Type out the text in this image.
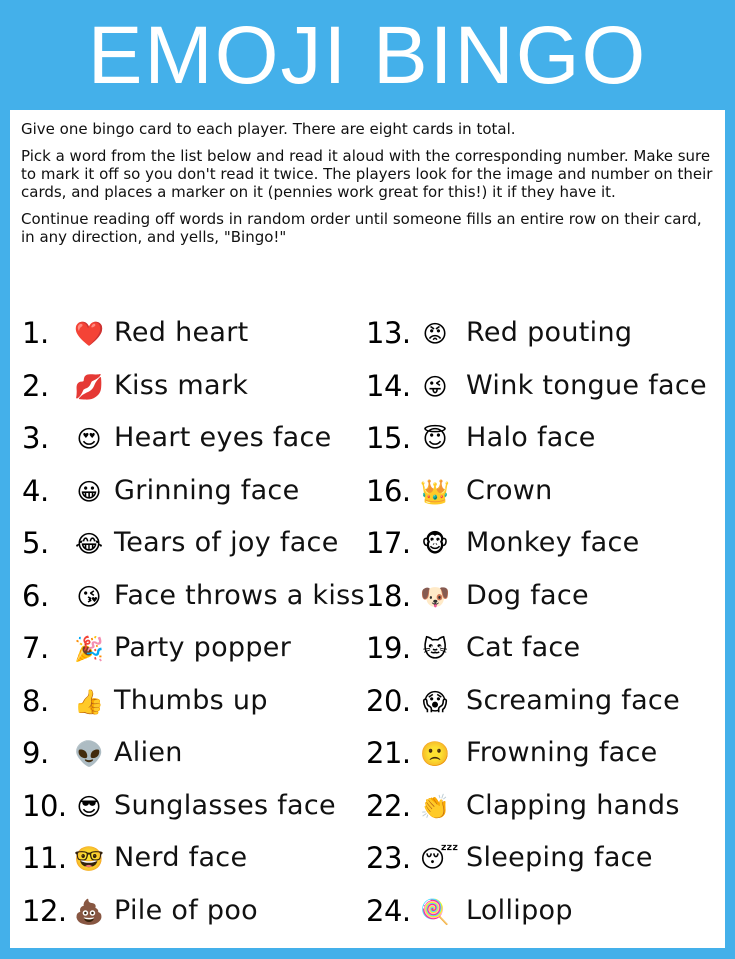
EMOJI BINGO

Give one bingo card to each player. There are eight cards in total.

Pick a word from the list below and read it aloud with the corresponding number. Make sure to mark it off so you don't read it twice. The players look for the image and number on their cards, and places a marker on it (pennies work great for this!) it if they have it.

Continue reading off words in random order until someone fills an entire row on their card, in any direction, and yells, "Bingo!"

1.	❤️ Red heart
2.	💋 Kiss mark
3.	😍 Heart eyes face
4.	😀 Grinning face
5.	😂 Tears of joy face
6.	😘 Face throws a kiss
7.	🎉 Party popper
8.	👍 Thumbs up
9.	👽 Alien
10. 😎 Sunglasses face
11. 🤓 Nerd face
12. 💩 Pile of poo
13. 😡 Red pouting
14. 😜 Wink tongue face
15. 😇 Halo face
16. 👑 Crown
17. 🐵 Monkey face
18. 🐶 Dog face
19. 🐱 Cat face
20. 😱 Screaming face
21. 🙁 Frowning face
22. 👏 Clapping hands
23. 😴 Sleeping face
24. 🍭 Lollipop
